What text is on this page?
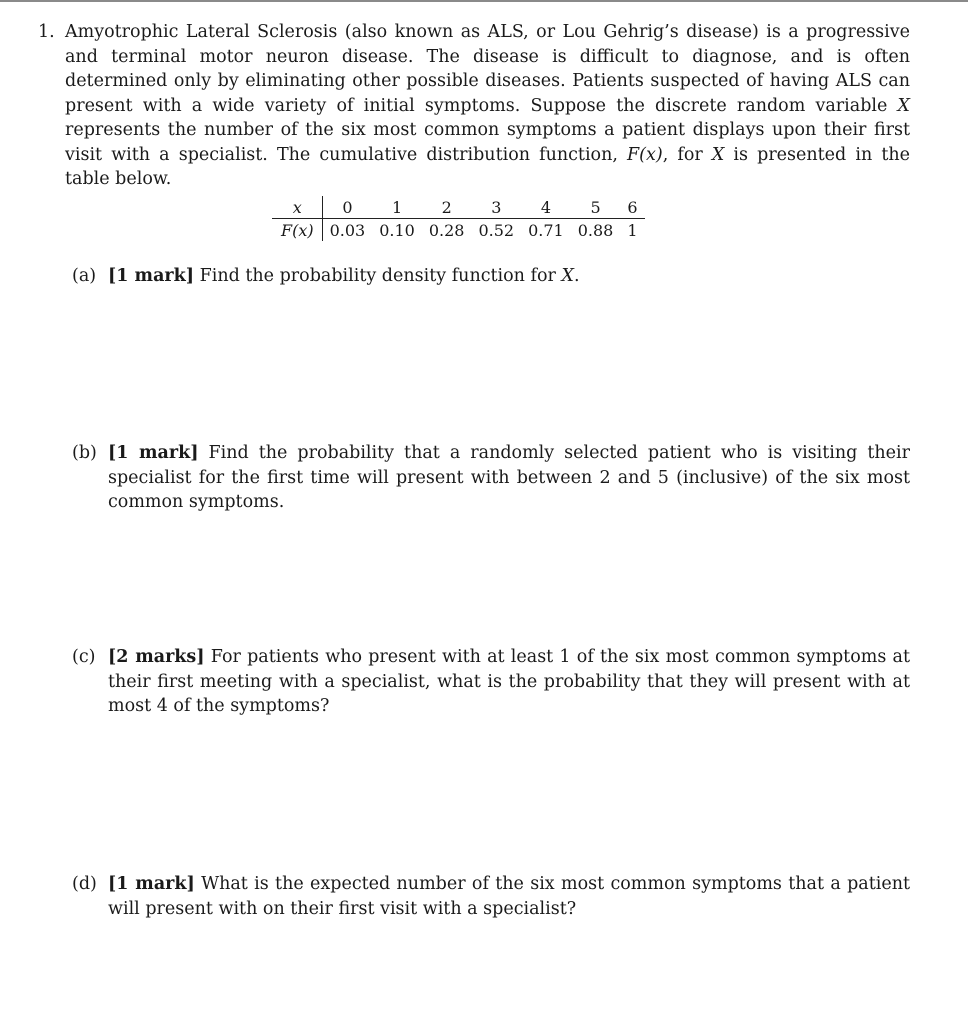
1. Amyotrophic Lateral Sclerosis (also known as ALS, or Lou Gehrig’s disease) is a progressive and terminal motor neuron disease. The disease is difficult to diagnose, and is often determined only by eliminating other possible diseases. Patients suspected of having ALS can present with a wide variety of initial symptoms. Suppose the discrete random variable X represents the number of the six most common symptoms a patient displays upon their first visit with a specialist. The cumulative distribution function, F(x), for X is presented in the table below.
x	0	1	2	3	4	5	6
F(x)	0.03	0.10	0.28	0.52	0.71	0.88	1
(a) [1 mark] Find the probability density function for X.
(b) [1 mark] Find the probability that a randomly selected patient who is visiting their specialist for the first time will present with between 2 and 5 (inclusive) of the six most common symptoms.
(c) [2 marks] For patients who present with at least 1 of the six most common symptoms at their first meeting with a specialist, what is the probability that they will present with at most 4 of the symptoms?
(d) [1 mark] What is the expected number of the six most common symptoms that a patient will present with on their first visit with a specialist?
